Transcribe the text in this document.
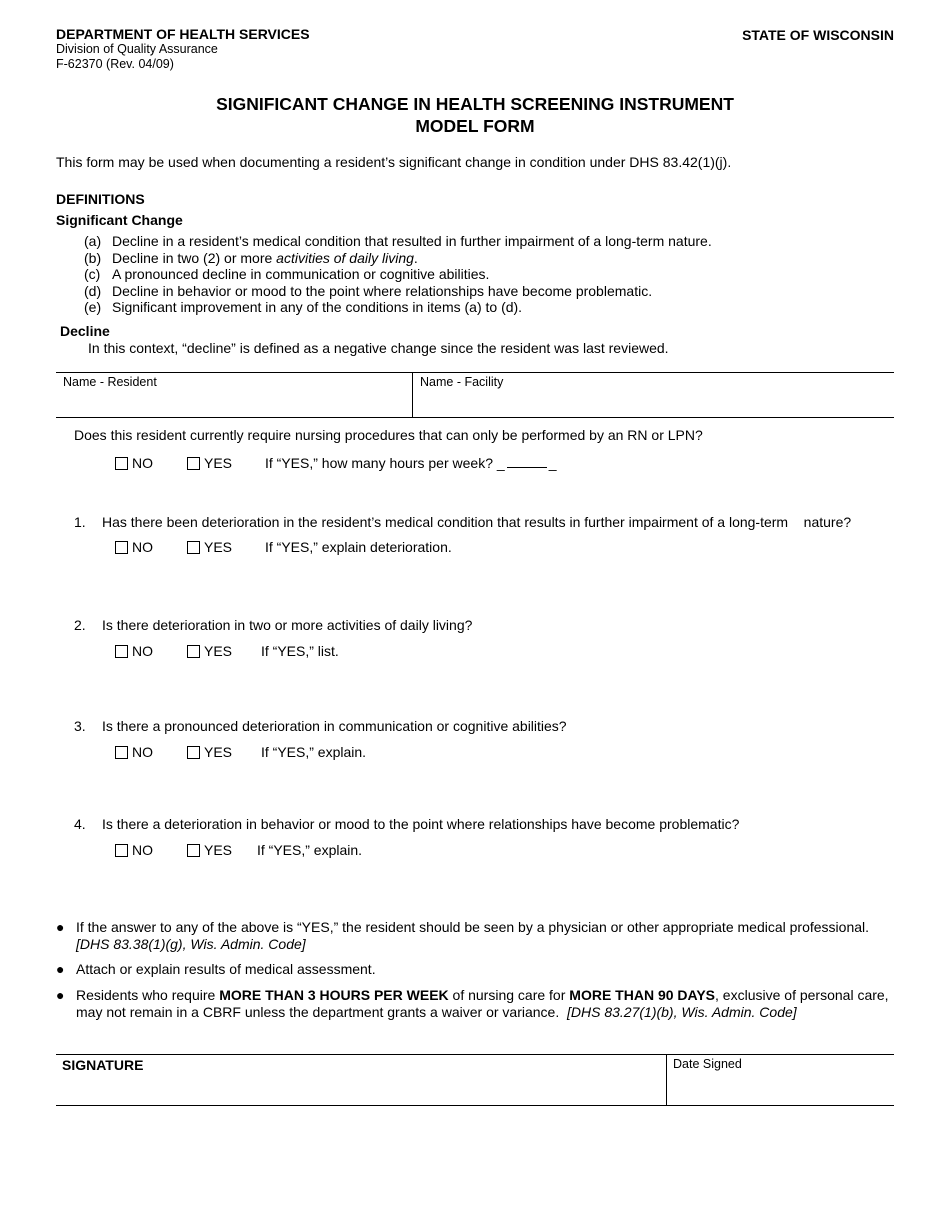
DEPARTMENT OF HEALTH SERVICES
Division of Quality Assurance
F-62370 (Rev. 04/09)
STATE OF WISCONSIN
SIGNIFICANT CHANGE IN HEALTH SCREENING INSTRUMENT
MODEL FORM
This form may be used when documenting a resident’s significant change in condition under DHS 83.42(1)(j).
DEFINITIONS
Significant Change
(a) Decline in a resident’s medical condition that resulted in further impairment of a long-term nature.
(b) Decline in two (2) or more activities of daily living.
(c) A pronounced decline in communication or cognitive abilities.
(d) Decline in behavior or mood to the point where relationships have become problematic.
(e) Significant improvement in any of the conditions in items (a) to (d).
Decline
In this context, “decline” is defined as a negative change since the resident was last reviewed.
Name - Resident	Name - Facility
Does this resident currently require nursing procedures that can only be performed by an RN or LPN?
NO	YES If “YES,” how many hours per week? _	_
1. Has there been deterioration in the resident’s medical condition that results in further impairment of a long-term    nature?
NO	YES If “YES,” explain deterioration.
2. Is there deterioration in two or more activities of daily living?
NO	YES If “YES,” list.
3. Is there a pronounced deterioration in communication or cognitive abilities?
NO	YES If “YES,” explain.
4. Is there a deterioration in behavior or mood to the point where relationships have become problematic?
NO	YES If “YES,” explain.
● If the answer to any of the above is “YES,” the resident should be seen by a physician or other appropriate medical professional.
[DHS 83.38(1)(g), Wis. Admin. Code]
● Attach or explain results of medical assessment.
● Residents who require MORE THAN 3 HOURS PER WEEK of nursing care for MORE THAN 90 DAYS, exclusive of personal care, may not remain in a CBRF unless the department grants a waiver or variance. [DHS 83.27(1)(b), Wis. Admin. Code]
SIGNATURE	Date Signed
